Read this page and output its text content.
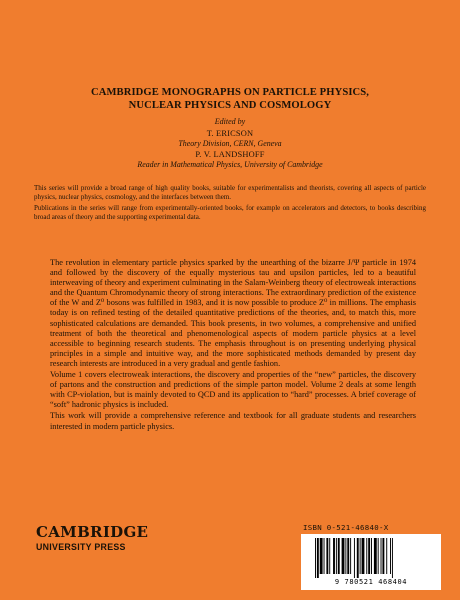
CAMBRIDGE MONOGRAPHS ON PARTICLE PHYSICS,
NUCLEAR PHYSICS AND COSMOLOGY
Edited by
T. ERICSON
Theory Division, CERN, Geneva
P. V. LANDSHOFF
Reader in Mathematical Physics, University of Cambridge

This series will provide a broad range of high quality books, suitable for experimentalists and theorists, covering all aspects of particle physics, nuclear physics, cosmology, and the interfaces between them.

Publications in the series will range from experimentally-oriented books, for example on accelerators and detectors, to books describing broad areas of theory and the supporting experimental data.

The revolution in elementary particle physics sparked by the unearthing of the bizarre J/Ψ particle in 1974 and followed by the discovery of the equally mysterious tau and upsilon particles, led to a beautiful interweaving of theory and experiment culminating in the Salam-Weinberg theory of electroweak interactions and the Quantum Chromodynamic theory of strong interactions. The extraordinary prediction of the existence of the W and Z⁰ bosons was fulfilled in 1983, and it is now possible to produce Z⁰ in millions. The emphasis today is on refined testing of the detailed quantitative predictions of the theories, and, to match this, more sophisticated calculations are demanded. This book presents, in two volumes, a comprehensive and unified treatment of both the theoretical and phenomenological aspects of modern particle physics at a level accessible to beginning research students. The emphasis throughout is on presenting underlying physical principles in a simple and intuitive way, and the more sophisticated methods demanded by present day research interests are introduced in a very gradual and gentle fashion.

Volume 1 covers electroweak interactions, the discovery and properties of the “new” particles, the discovery of partons and the construction and predictions of the simple parton model. Volume 2 deals at some length with CP-violation, but is mainly devoted to QCD and its application to “hard” processes. A brief coverage of “soft” hadronic physics is included.

This work will provide a comprehensive reference and textbook for all graduate students and researchers interested in modern particle physics.

CAMBRIDGE
UNIVERSITY PRESS
ISBN 0-521-46840-X
9 780521 468404
